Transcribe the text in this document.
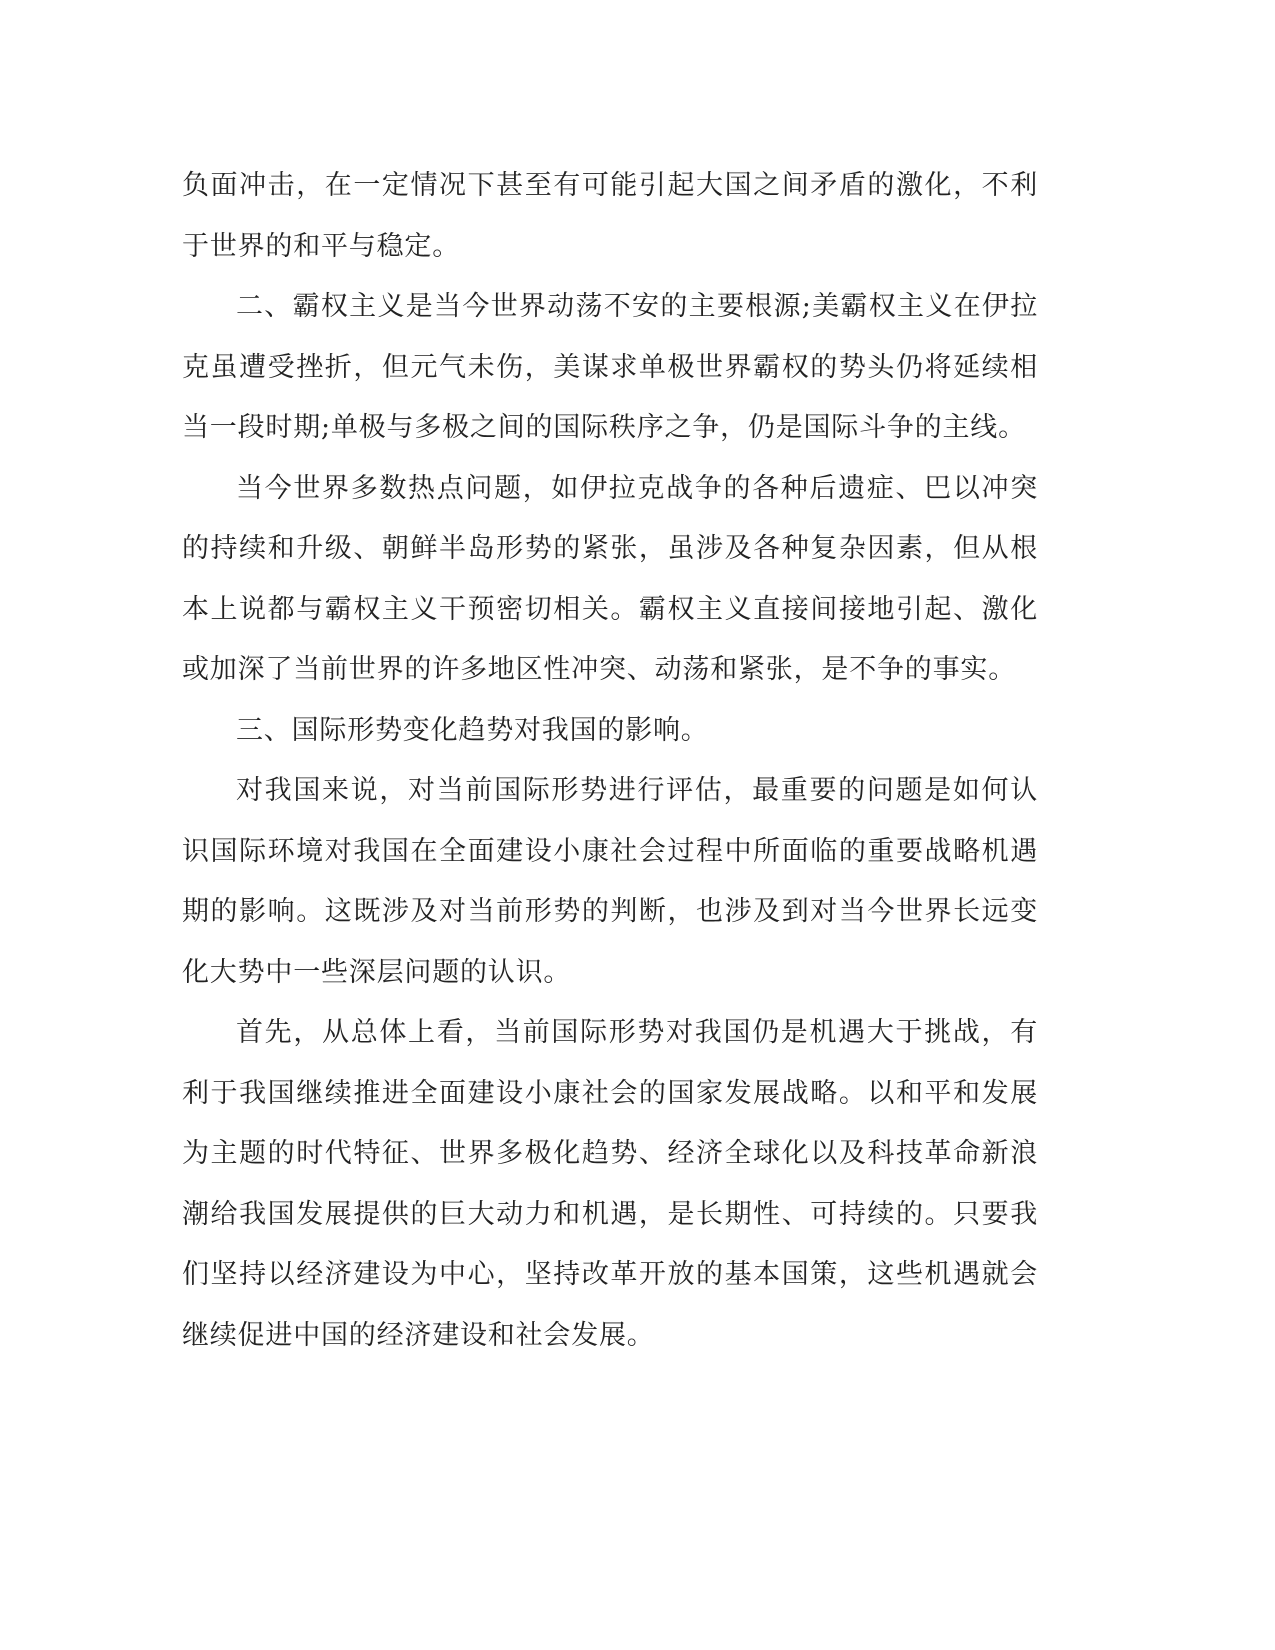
负面冲击，在一定情况下甚至有可能引起大国之间矛盾的激化，不利于世界的和平与稳定。

二、霸权主义是当今世界动荡不安的主要根源;美霸权主义在伊拉克虽遭受挫折，但元气未伤，美谋求单极世界霸权的势头仍将延续相当一段时期;单极与多极之间的国际秩序之争，仍是国际斗争的主线。

当今世界多数热点问题，如伊拉克战争的各种后遗症、巴以冲突的持续和升级、朝鲜半岛形势的紧张，虽涉及各种复杂因素，但从根本上说都与霸权主义干预密切相关。霸权主义直接间接地引起、激化或加深了当前世界的许多地区性冲突、动荡和紧张，是不争的事实。

三、国际形势变化趋势对我国的影响。

对我国来说，对当前国际形势进行评估，最重要的问题是如何认识国际环境对我国在全面建设小康社会过程中所面临的重要战略机遇期的影响。这既涉及对当前形势的判断，也涉及到对当今世界长远变化大势中一些深层问题的认识。

首先，从总体上看，当前国际形势对我国仍是机遇大于挑战，有利于我国继续推进全面建设小康社会的国家发展战略。以和平和发展为主题的时代特征、世界多极化趋势、经济全球化以及科技革命新浪潮给我国发展提供的巨大动力和机遇，是长期性、可持续的。只要我们坚持以经济建设为中心，坚持改革开放的基本国策，这些机遇就会继续促进中国的经济建设和社会发展。
